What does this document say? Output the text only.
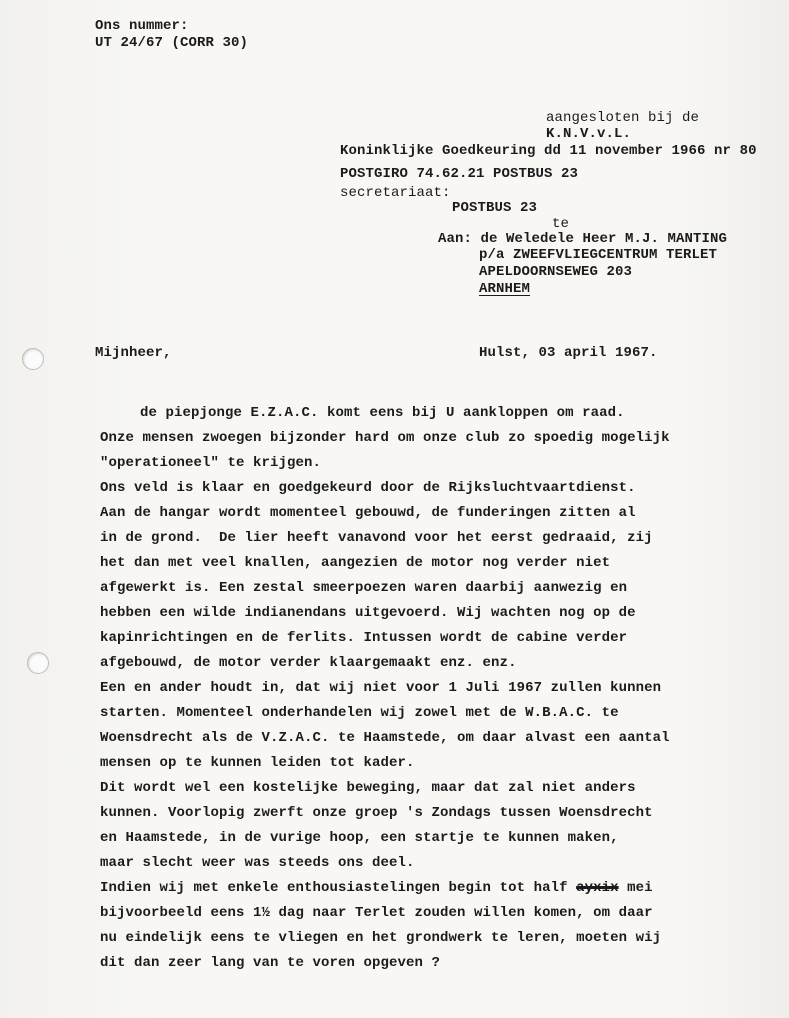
Ons nummer:
UT 24/67 (CORR 30)
aangesloten bij de
K.N.V.v.L.
Koninklijke Goedkeuring dd 11 november 1966 nr 80
POSTGIRO 74.62.21 POSTBUS 23
secretariaat:
POSTBUS 23
te
Aan: de Weledele Heer M.J. MANTING
p/a ZWEEFVLIEGCENTRUM TERLET
APELDOORNSEWEG 203
ARNHEM
Mijnheer,	Hulst, 03 april 1967.
de piepjonge E.Z.A.C. komt eens bij U aankloppen om raad.
Onze mensen zwoegen bijzonder hard om onze club zo spoedig mogelijk
"operationeel" te krijgen.
Ons veld is klaar en goedgekeurd door de Rijksluchtvaartdienst.
Aan de hangar wordt momenteel gebouwd, de funderingen zitten al
in de grond.  De lier heeft vanavond voor het eerst gedraaid, zij
het dan met veel knallen, aangezien de motor nog verder niet
afgewerkt is. Een zestal smeerpoezen waren daarbij aanwezig en
hebben een wilde indianendans uitgevoerd. Wij wachten nog op de
kapinrichtingen en de ferlits. Intussen wordt de cabine verder
afgebouwd, de motor verder klaargemaakt enz. enz.
Een en ander houdt in, dat wij niet voor 1 Juli 1967 zullen kunnen
starten. Momenteel onderhandelen wij zowel met de W.B.A.C. te
Woensdrecht als de V.Z.A.C. te Haamstede, om daar alvast een aantal
mensen op te kunnen leiden tot kader.
Dit wordt wel een kostelijke beweging, maar dat zal niet anders
kunnen. Voorlopig zwerft onze groep 's Zondags tussen Woensdrecht
en Haamstede, in de vurige hoop, een startje te kunnen maken,
maar slecht weer was steeds ons deel.
Indien wij met enkele enthousiastelingen begin tot half ayxix mei
bijvoorbeeld eens 1½ dag naar Terlet zouden willen komen, om daar
nu eindelijk eens te vliegen en het grondwerk te leren, moeten wij
dit dan zeer lang van te voren opgeven ?
